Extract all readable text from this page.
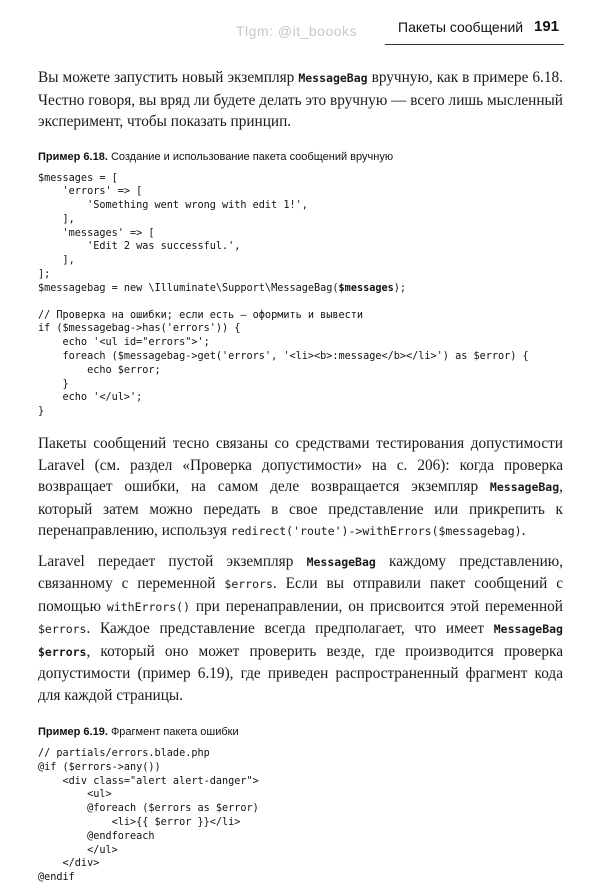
Tlgm: @it_boooks	Пакеты сообщений 191

Вы можете запустить новый экземпляр MessageBag вручную, как в примере 6.18. Честно говоря, вы вряд ли будете делать это вручную — всего лишь мысленный эксперимент, чтобы показать принцип.

Пример 6.18. Создание и использование пакета сообщений вручную

$messages = [
'errors' => [
'Something went wrong with edit 1!',
],
'messages' => [
'Edit 2 was successful.',
],
];
$messagebag = new \Illuminate\Support\MessageBag($messages);
// Проверка на ошибки; если есть — оформить и вывести
if ($messagebag->has('errors')) {
echo '<ul id="errors">';
foreach ($messagebag->get('errors', '<li><b>:message</b></li>') as $error) {
echo $error;
}
echo '</ul>';
}

Пакеты сообщений тесно связаны со средствами тестирования допустимости Laravel (см. раздел «Проверка допустимости» на с. 206): когда проверка возвращает ошибки, на самом деле возвращается экземпляр MessageBag, который затем можно передать в свое представление или прикрепить к перенаправлению, используя redirect('route')->withErrors($messagebag).

Laravel передает пустой экземпляр MessageBag каждому представлению, связанному с переменной $errors. Если вы отправили пакет сообщений с помощью withErrors() при перенаправлении, он присвоится этой переменной $errors. Каждое представление всегда предполагает, что имеет MessageBag $errors, который оно может проверить везде, где производится проверка допустимости (пример 6.19), где приведен распространенный фрагмент кода для каждой страницы.

Пример 6.19. Фрагмент пакета ошибки

// partials/errors.blade.php
@if ($errors->any())
<div class="alert alert-danger">
<ul>
@foreach ($errors as $error)
<li>{{ $error }}</li>
@endforeach
</ul>
</div>
@endif
